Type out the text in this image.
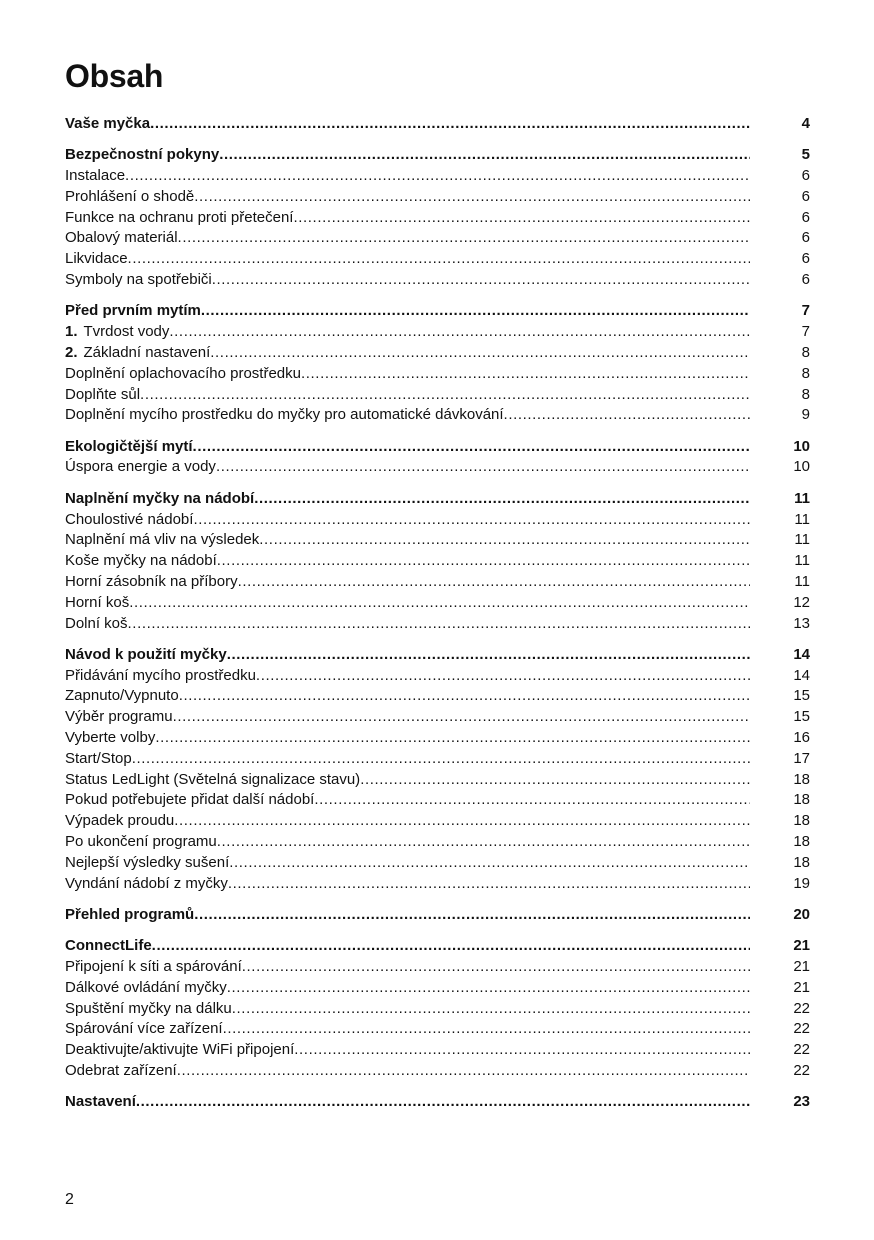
Obsah
Vaše myčka .....	4
Bezpečnostní pokyny .....	5
Instalace .....	6
Prohlášení o shodě .....	6
Funkce na ochranu proti přetečení .....	6
Obalový materiál .....	6
Likvidace .....	6
Symboly na spotřebiči .....	6
Před prvním mytím .....	7
1. Tvrdost vody .....	7
2. Základní nastavení .....	8
Doplnění oplachovacího prostředku .....	8
Doplňte sůl .....	8
Doplnění mycího prostředku do myčky pro automatické dávkování .....	9
Ekologičtější mytí .....	10
Úspora energie a vody .....	10
Naplnění myčky na nádobí .....	11
Choulostivé nádobí .....	11
Naplnění má vliv na výsledek .....	11
Koše myčky na nádobí .....	11
Horní zásobník na příbory .....	11
Horní koš .....	12
Dolní koš .....	13
Návod k použití myčky .....	14
Přidávání mycího prostředku .....	14
Zapnuto/Vypnuto .....	15
Výběr programu .....	15
Vyberte volby .....	16
Start/Stop .....	17
Status LedLight (Světelná signalizace stavu) .....	18
Pokud potřebujete přidat další nádobí .....	18
Výpadek proudu .....	18
Po ukončení programu .....	18
Nejlepší výsledky sušení .....	18
Vyndání nádobí z myčky .....	19
Přehled programů .....	20
ConnectLife .....	21
Připojení k síti a spárování .....	21
Dálkové ovládání myčky .....	21
Spuštění myčky na dálku .....	22
Spárování více zařízení .....	22
Deaktivujte/aktivujte WiFi připojení .....	22
Odebrat zařízení .....	22
Nastavení .....	23
2
